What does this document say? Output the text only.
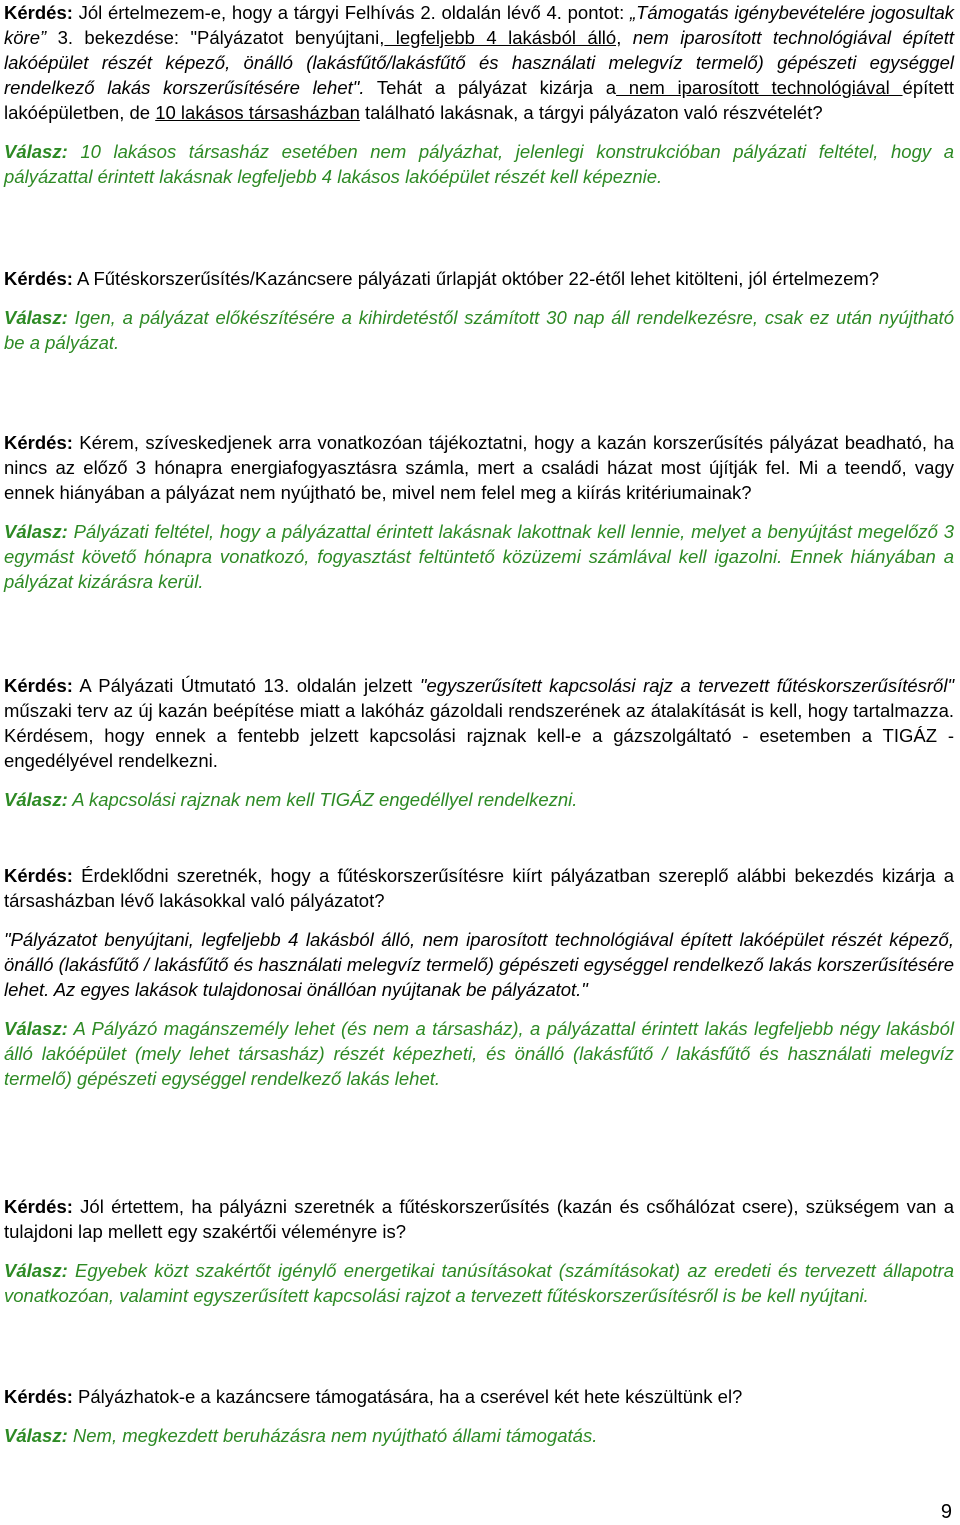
Kérdés: Jól értelmezem-e, hogy a tárgyi Felhívás 2. oldalán lévő 4. pontot: „Támogatás igénybevételére jogosultak köre” 3. bekezdése: "Pályázatot benyújtani, legfeljebb 4 lakásból álló, nem iparosított technológiával épített lakóépület részét képező, önálló (lakásfűtő/lakásfűtő és használati melegvíz termelő) gépészeti egységgel rendelkező lakás korszerűsítésére lehet". Tehát a pályázat kizárja a nem iparosított technológiával épített lakóépületben, de 10 lakásos társasházban található lakásnak, a tárgyi pályázaton való részvételét?

Válasz: 10 lakásos társasház esetében nem pályázhat, jelenlegi konstrukcióban pályázati feltétel, hogy a pályázattal érintett lakásnak legfeljebb 4 lakásos lakóépület részét kell képeznie.

Kérdés: A Fűtéskorszerűsítés/Kazáncsere pályázati űrlapját október 22-étől lehet kitölteni, jól értelmezem?

Válasz: Igen, a pályázat előkészítésére a kihirdetéstől számított 30 nap áll rendelkezésre, csak ez után nyújtható be a pályázat.

Kérdés: Kérem, szíveskedjenek arra vonatkozóan tájékoztatni, hogy a kazán korszerűsítés pályázat beadható, ha nincs az előző 3 hónapra energiafogyasztásra számla, mert a családi házat most újítják fel. Mi a teendő, vagy ennek hiányában a pályázat nem nyújtható be, mivel nem felel meg a kiírás kritériumainak?

Válasz: Pályázati feltétel, hogy a pályázattal érintett lakásnak lakottnak kell lennie, melyet a benyújtást megelőző 3 egymást követő hónapra vonatkozó, fogyasztást feltüntető közüzemi számlával kell igazolni. Ennek hiányában a pályázat kizárásra kerül.

Kérdés: A Pályázati Útmutató 13. oldalán jelzett "egyszerűsített kapcsolási rajz a tervezett fűtéskorszerűsítésről" műszaki terv az új kazán beépítése miatt a lakóház gázoldali rendszerének az átalakítását is kell, hogy tartalmazza. Kérdésem, hogy ennek a fentebb jelzett kapcsolási rajznak kell-e a gázszolgáltató - esetemben a TIGÁZ - engedélyével rendelkezni.

Válasz: A kapcsolási rajznak nem kell TIGÁZ engedéllyel rendelkezni.

Kérdés: Érdeklődni szeretnék, hogy a fűtéskorszerűsítésre kiírt pályázatban szereplő alábbi bekezdés kizárja a társasházban lévő lakásokkal való pályázatot?

"Pályázatot benyújtani, legfeljebb 4 lakásból álló, nem iparosított technológiával épített lakóépület részét képező, önálló (lakásfűtő / lakásfűtő és használati melegvíz termelő) gépészeti egységgel rendelkező lakás korszerűsítésére lehet. Az egyes lakások tulajdonosai önállóan nyújtanak be pályázatot."

Válasz: A Pályázó magánszemély lehet (és nem a társasház), a pályázattal érintett lakás legfeljebb négy lakásból álló lakóépület (mely lehet társasház) részét képezheti, és önálló (lakásfűtő / lakásfűtő és használati melegvíz termelő) gépészeti egységgel rendelkező lakás lehet.

Kérdés: Jól értettem, ha pályázni szeretnék a fűtéskorszerűsítés (kazán és csőhálózat csere), szükségem van a tulajdoni lap mellett egy szakértői véleményre is?

Válasz: Egyebek közt szakértőt igénylő energetikai tanúsításokat (számításokat) az eredeti és tervezett állapotra vonatkozóan, valamint egyszerűsített kapcsolási rajzot a tervezett fűtéskorszerűsítésről is be kell nyújtani.

Kérdés: Pályázhatok-e a kazáncsere támogatására, ha a cserével két hete készültünk el?

Válasz: Nem, megkezdett beruházásra nem nyújtható állami támogatás.

9
